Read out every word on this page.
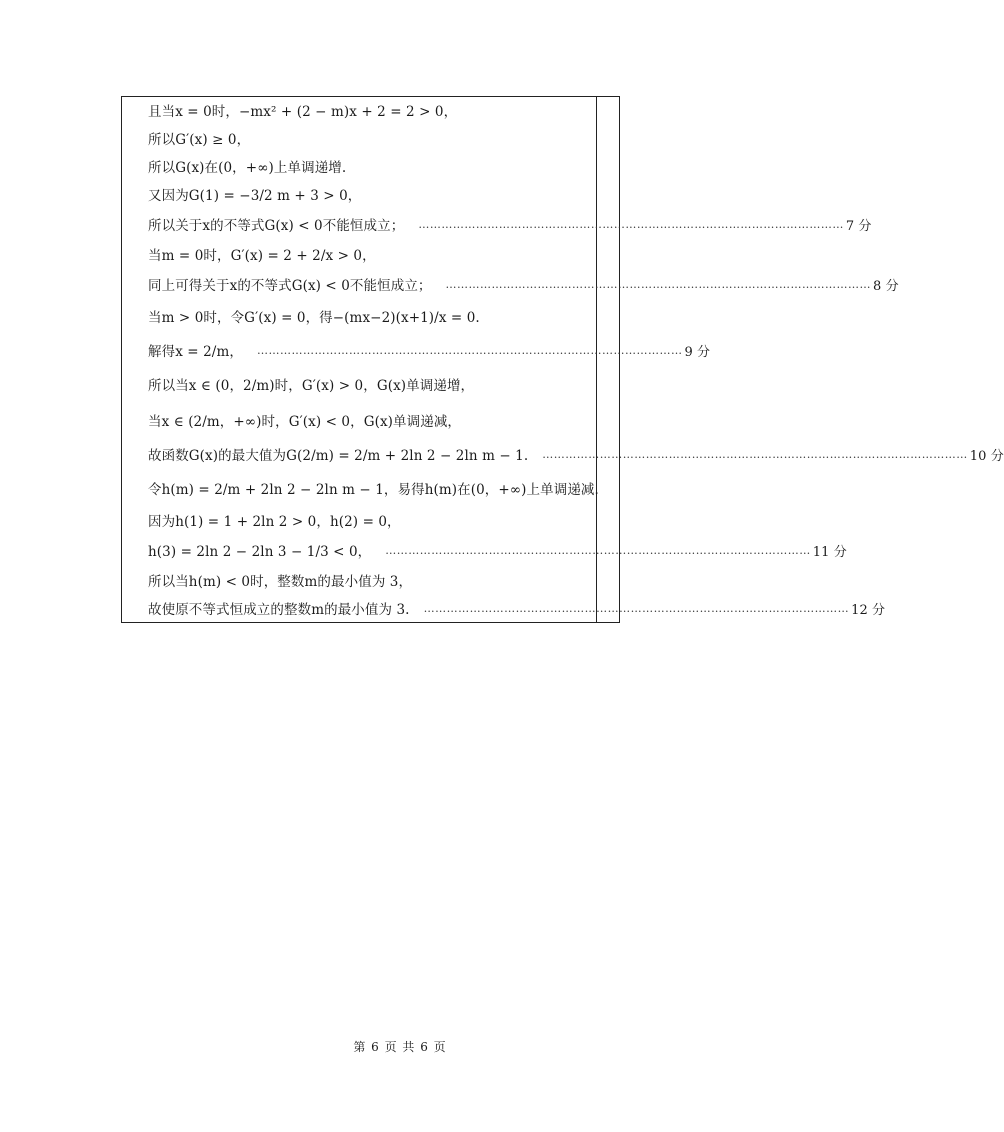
且当x = 0时，−mx² + (2 − m)x + 2 = 2 > 0，
所以G′(x) ≥ 0，
所以G(x)在(0，+∞)上单调递增.
又因为G(1) = −3/2 m + 3 > 0，
所以关于x的不等式G(x) < 0不能恒成立； ………………………………………………………………………………………………… 7 分
当m = 0时，G′(x) = 2 + 2/x > 0，
同上可得关于x的不等式G(x) < 0不能恒成立； ………………………………………………………………………………………………… 8 分
当m > 0时，令G′(x) = 0，得−(mx−2)(x+1)/x = 0.
解得x = 2/m， ………………………………………………………………………………………………… 9 分
所以当x ∈ (0，2/m)时，G′(x) > 0，G(x)单调递增，
当x ∈ (2/m，+∞)时，G′(x) < 0，G(x)单调递减，
故函数G(x)的最大值为G(2/m) = 2/m + 2ln 2 − 2ln m − 1. ………………………………………………………………………………………………… 10 分
令h(m) = 2/m + 2ln 2 − 2ln m − 1，易得h(m)在(0，+∞)上单调递减.
因为h(1) = 1 + 2ln 2 > 0，h(2) = 0，
h(3) = 2ln 2 − 2ln 3 − 1/3 < 0， ………………………………………………………………………………………………… 11 分
所以当h(m) < 0时，整数m的最小值为 3，
故使原不等式恒成立的整数m的最小值为 3. ………………………………………………………………………………………………… 12 分
第 6 页 共 6 页
